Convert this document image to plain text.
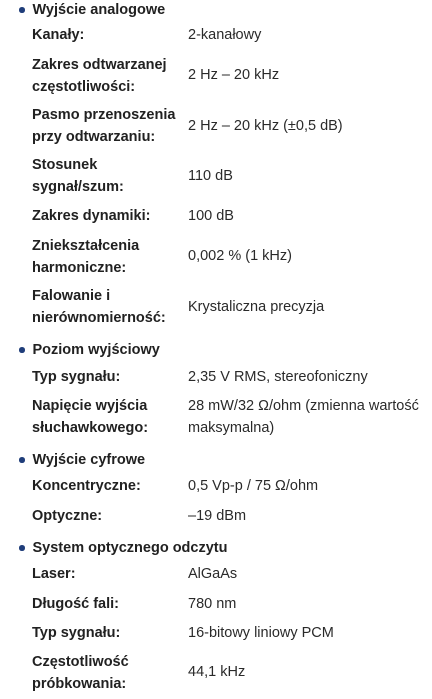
Wyjście analogowe
Kanały:	2-kanałowy
Zakres odtwarzanej częstotliwości:
2 Hz – 20 kHz
Pasmo przenoszenia przy odtwarzaniu:
2 Hz – 20 kHz (±0,5 dB)
Stosunek sygnał/szum:
110 dB
Zakres dynamiki:	100 dB
Zniekształcenia harmoniczne:
0,002 % (1 kHz)
Falowanie i nierównomierność:
Krystaliczna precyzja
Poziom wyjściowy
Typ sygnału:	2,35 V RMS, stereofoniczny
Napięcie wyjścia słuchawkowego:
28 mW/32 Ω/ohm (zmienna wartość maksymalna)
Wyjście cyfrowe
Koncentryczne:	0,5 Vp-p / 75 Ω/ohm
Optyczne:	–19 dBm
System optycznego odczytu
Laser:	AlGaAs
Długość fali:	780 nm
Typ sygnału:	16-bitowy liniowy PCM
Częstotliwość próbkowania:
44,1 kHz
